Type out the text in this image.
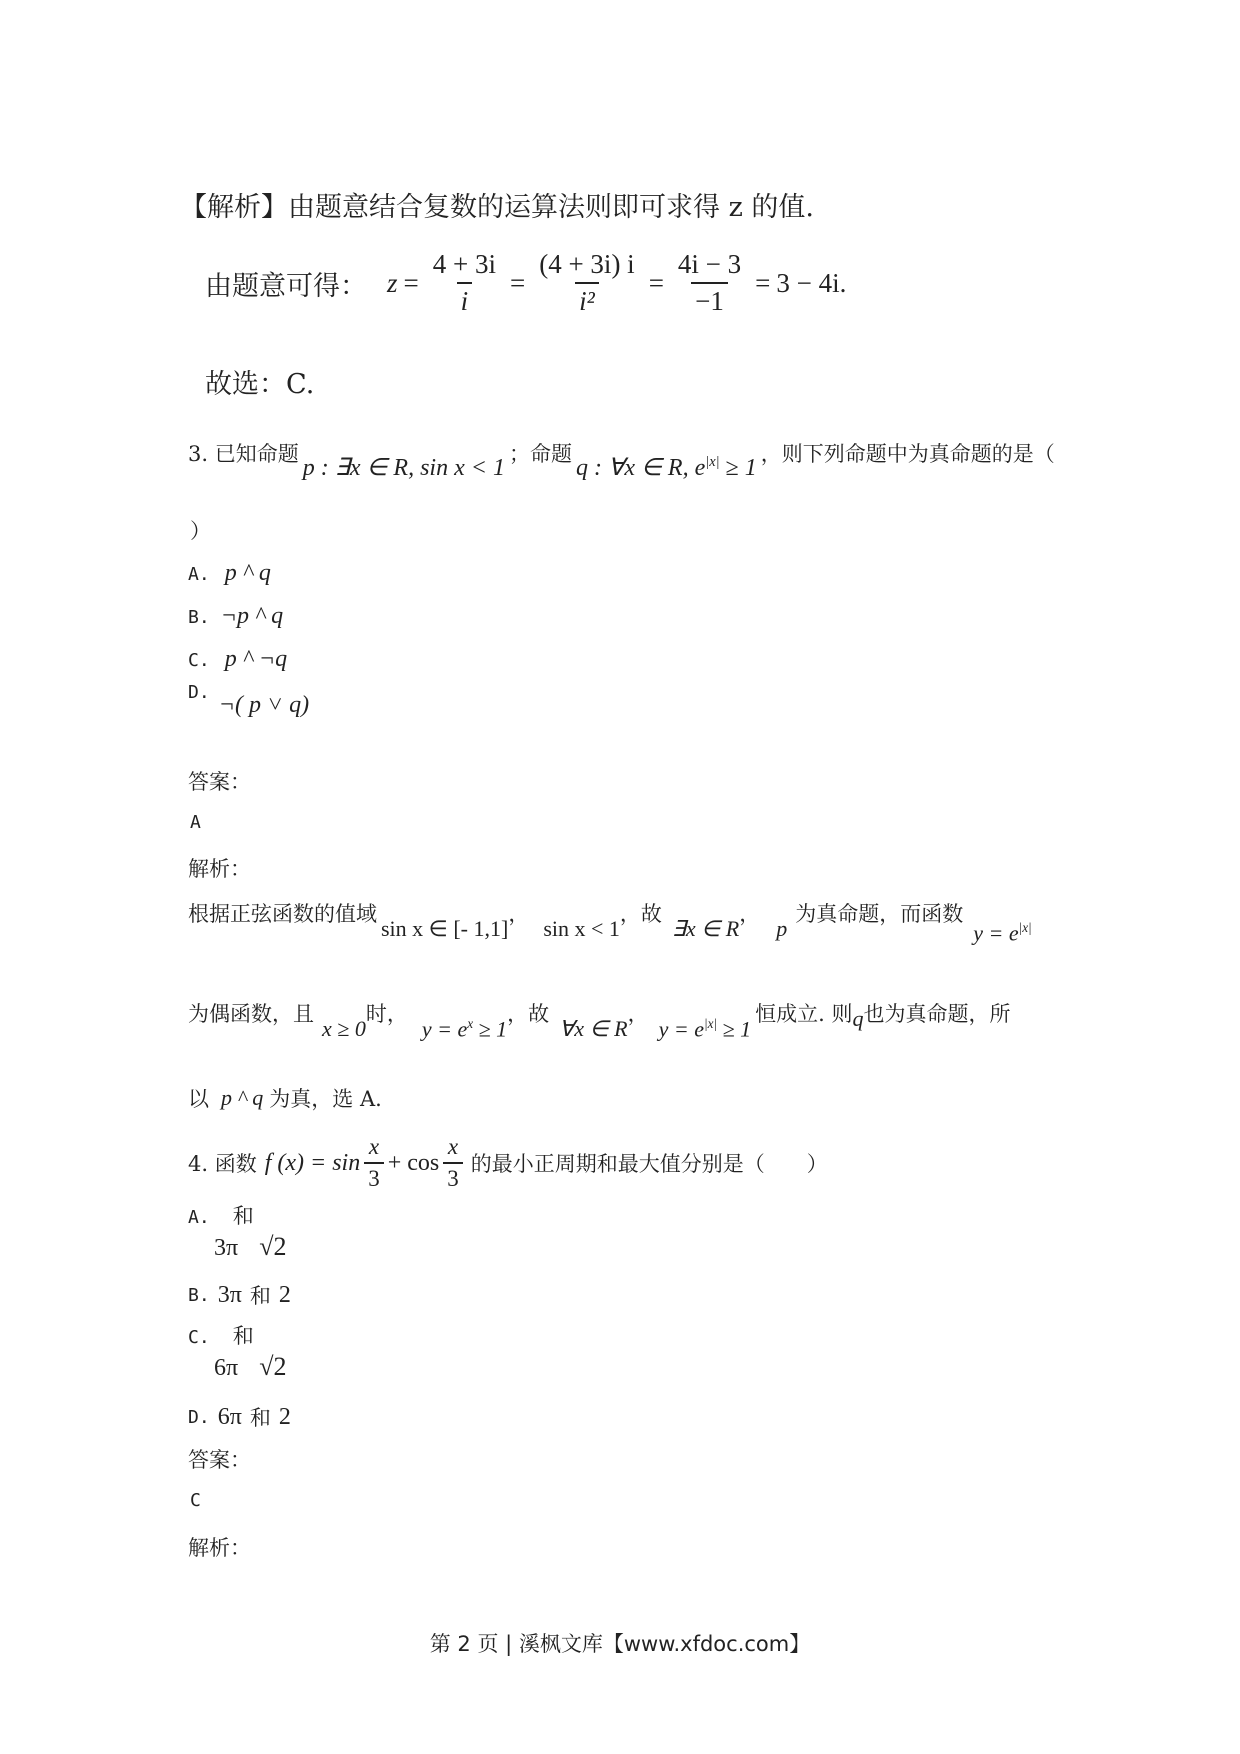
【解析】由题意结合复数的运算法则即可求得 z 的值.
由题意可得： $z = \frac{4 + 3i}{i} = \frac{(4 + 3i) i}{\text{i²}} = \frac{4i - 3}{-1} = 3 - 4i$ .
故选：C.
3. 已知命题
p : ∃x ∈ R, sin x < 1
；命题
q : ∀x ∈ R, $e^{|x|} \ge 1$
，则下列命题中为真命题的是（
）
A. p ^ q
B. ¬p ^ q
C. p ^ ¬q
D. ¬( p ˅ q)
答案：
A
解析：
根据正弦函数的值域
sin x ∈ [- 1,1]
，
sin x < 1
，故
∃x ∈ R
，
p
为真命题，而函数
$y = e^{|x|}$
为偶函数，且
x ≥ 0
时，
$y = e^x \ge 1$
，故
∀x ∈ R
，
$y = e^{|x|} \ge 1$
恒成立. 则 q 也为真命题，所
以 p ^ q 为真，选 A.
4. 函数 f $(x) = \sin \frac{x}{3} + \cos \frac{x}{3}$ 的最小正周期和最大值分别是（　　）
A. 和
3π √2
B. 3π 和 2
C. 和
6π √2
D. 6π 和 2
答案：
C
解析：
第 2 页 | 溪枫文库【www.xfdoc.com】
